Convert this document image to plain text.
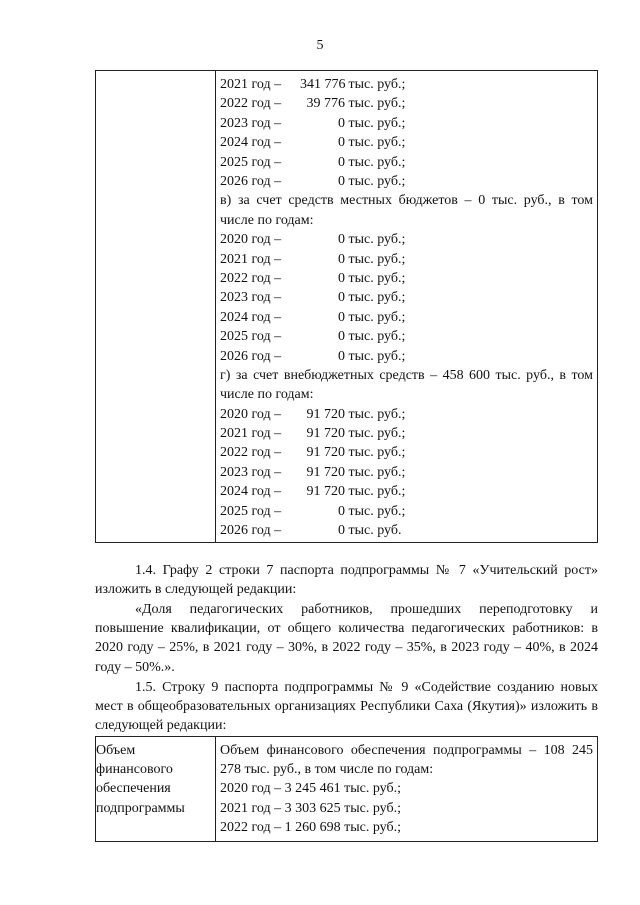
5

2021 год – 341 776 тыс. руб.;
2022 год – 39 776 тыс. руб.;
2023 год –	0 тыс. руб.;
2024 год –	0 тыс. руб.;
2025 год –	0 тыс. руб.;
2026 год –	0 тыс. руб.;
в) за счет средств местных бюджетов – 0 тыс. руб., в том числе по годам:
2020 год –	0 тыс. руб.;
2021 год –	0 тыс. руб.;
2022 год –	0 тыс. руб.;
2023 год –	0 тыс. руб.;
2024 год –	0 тыс. руб.;
2025 год –	0 тыс. руб.;
2026 год –	0 тыс. руб.;
г) за счет внебюджетных средств – 458 600 тыс. руб., в том числе по годам:
2020 год – 91 720 тыс. руб.;
2021 год – 91 720 тыс. руб.;
2022 год – 91 720 тыс. руб.;
2023 год – 91 720 тыс. руб.;
2024 год – 91 720 тыс. руб.;
2025 год –	0 тыс. руб.;
2026 год –	0 тыс. руб.
1.4. Графу 2 строки 7 паспорта подпрограммы № 7 «Учительский рост» изложить в следующей редакции:
«Доля педагогических работников, прошедших переподготовку и повышение квалификации, от общего количества педагогических работников: в 2020 году – 25%, в 2021 году – 30%, в 2022 году – 35%, в 2023 году – 40%, в 2024 году – 50%.».
1.5. Строку 9 паспорта подпрограммы № 9 «Содействие созданию новых мест в общеобразовательных организациях Республики Саха (Якутия)» изложить в следующей редакции:
Объем
финансового
обеспечения
подпрограммы

Объем финансового обеспечения подпрограммы – 108 245 278 тыс. руб., в том числе по годам:
2020 год – 3 245 461 тыс. руб.;
2021 год – 3 303 625 тыс. руб.;
2022 год – 1 260 698 тыс. руб.;
